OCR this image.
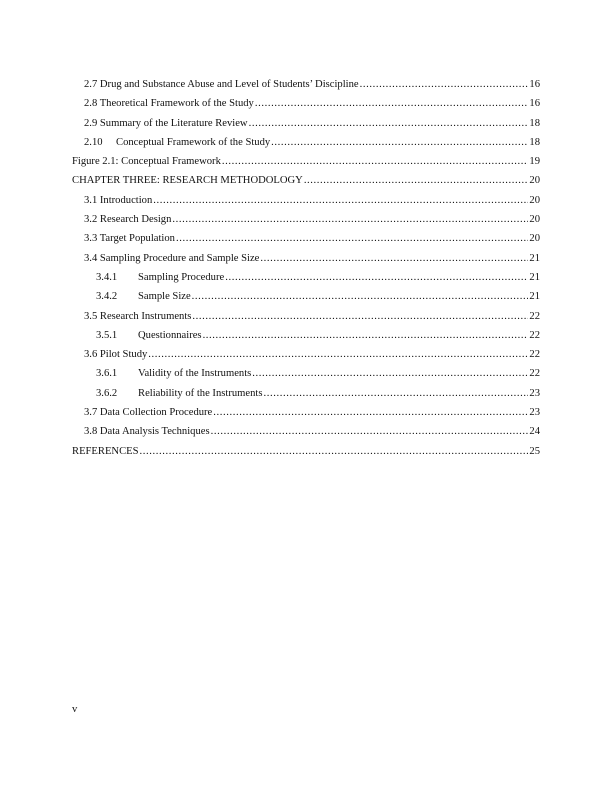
2.7 Drug and Substance Abuse and Level of Students’ Discipline .....	16
2.8 Theoretical Framework of the Study .....	16
2.9 Summary of the Literature Review .....	18
2.10	Conceptual Framework of the Study .....	18
Figure 2.1: Conceptual Framework .....	19
CHAPTER THREE: RESEARCH METHODOLOGY .....	20
3.1 Introduction .....	20
3.2 Research Design .....	20
3.3 Target Population .....	20
3.4 Sampling Procedure and Sample Size .....	21
3.4.1	Sampling Procedure .....	21
3.4.2	Sample Size .....	21
3.5 Research Instruments .....	22
3.5.1	Questionnaires .....	22
3.6 Pilot Study .....	22
3.6.1	Validity of the Instruments .....	22
3.6.2	Reliability of the Instruments .....	23
3.7 Data Collection Procedure .....	23
3.8 Data Analysis Techniques .....	24
REFERENCES .....	25
v
